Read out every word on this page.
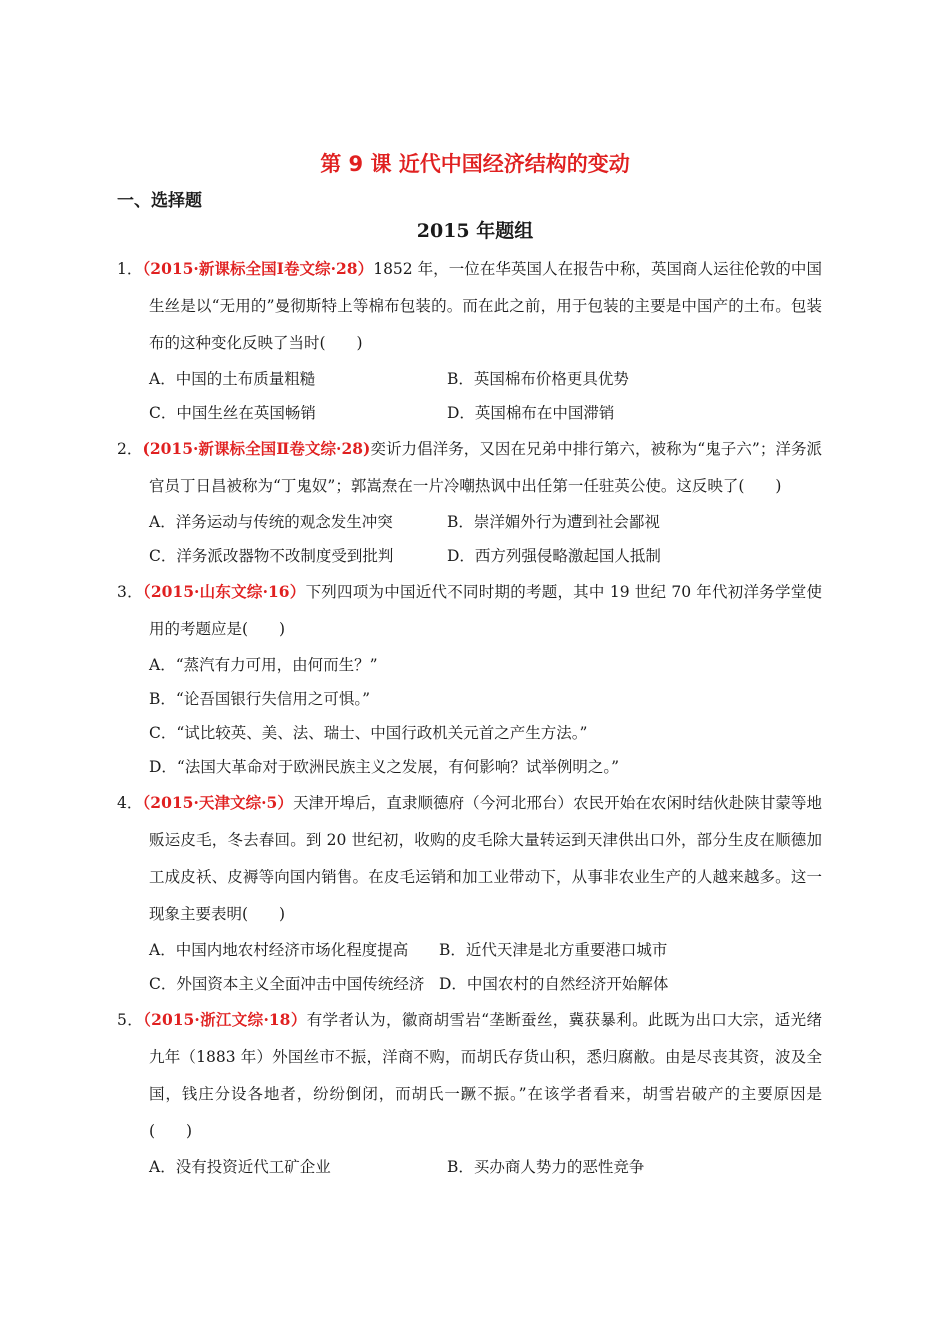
第 9 课 近代中国经济结构的变动
一、选择题
2015 年题组
1．（2015·新课标全国Ⅰ卷文综·28）1852 年，一位在华英国人在报告中称，英国商人运往伦敦的中国生丝是以“无用的”曼彻斯特上等棉布包装的。而在此之前，用于包装的主要是中国产的土布。包装布的这种变化反映了当时(　　)
A．中国的土布质量粗糙	B．英国棉布价格更具优势
C．中国生丝在英国畅销	D．英国棉布在中国滞销
2．(2015·新课标全国Ⅱ卷文综·28)奕䜣力倡洋务，又因在兄弟中排行第六，被称为“鬼子六”；洋务派官员丁日昌被称为“丁鬼奴”；郭嵩焘在一片冷嘲热讽中出任第一任驻英公使。这反映了(　　)
A．洋务运动与传统的观念发生冲突	B．崇洋媚外行为遭到社会鄙视
C．洋务派改器物不改制度受到批判	D．西方列强侵略激起国人抵制
3．（2015·山东文综·16）下列四项为中国近代不同时期的考题，其中 19 世纪 70 年代初洋务学堂使用的考题应是(　　)
A．“蒸汽有力可用，由何而生？”
B．“论吾国银行失信用之可惧。”
C．“试比较英、美、法、瑞士、中国行政机关元首之产生方法。”
D．“法国大革命对于欧洲民族主义之发展，有何影响？试举例明之。”
4．（2015·天津文综·5）天津开埠后，直隶顺德府（今河北邢台）农民开始在农闲时结伙赴陕甘蒙等地贩运皮毛，冬去春回。到 20 世纪初，收购的皮毛除大量转运到天津供出口外，部分生皮在顺德加工成皮袄、皮褥等向国内销售。在皮毛运销和加工业带动下，从事非农业生产的人越来越多。这一现象主要表明(　　)
A．中国内地农村经济市场化程度提高	B．近代天津是北方重要港口城市
C．外国资本主义全面冲击中国传统经济 D．中国农村的自然经济开始解体
5．（2015·浙江文综·18）有学者认为，徽商胡雪岩“垄断蚕丝，冀获暴利。此既为出口大宗，适光绪九年（1883 年）外国丝市不振，洋商不购，而胡氏存货山积，悉归腐敝。由是尽丧其资，波及全国，钱庄分设各地者，纷纷倒闭，而胡氏一蹶不振。”在该学者看来，胡雪岩破产的主要原因是(　　)
A．没有投资近代工矿企业	B．买办商人势力的恶性竞争
